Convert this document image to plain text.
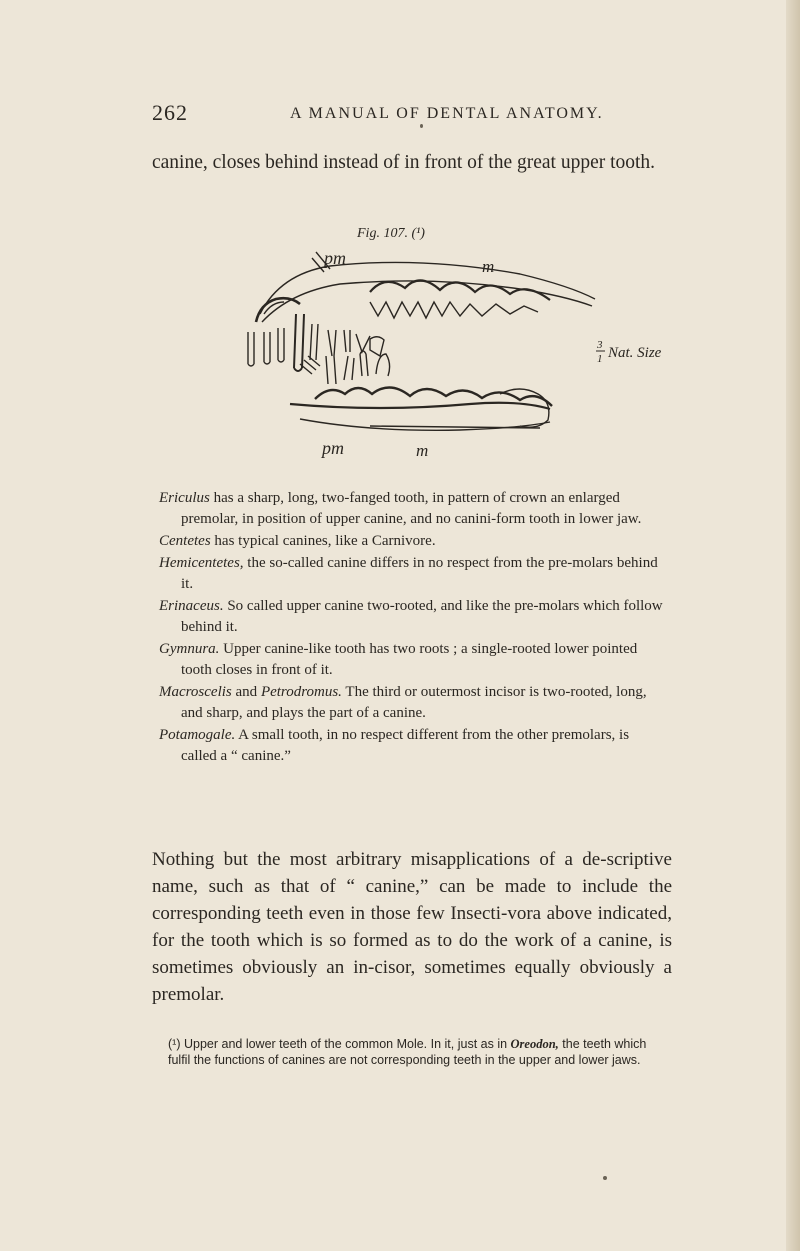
262	A MANUAL OF DENTAL ANATOMY.
canine, closes behind instead of in front of the great upper tooth.
Fig. 107. (¹)
pm	m
pm	m
3
1 Nat. Size

Ericulus has a sharp, long, two-fanged tooth, in pattern of crown an enlarged premolar, in position of upper canine, and no canini-form tooth in lower jaw.

Centetes has typical canines, like a Carnivore.

Hemicentetes, the so-called canine differs in no respect from the pre-molars behind it.

Erinaceus. So called upper canine two-rooted, and like the pre-molars which follow behind it.

Gymnura. Upper canine-like tooth has two roots ; a single-rooted lower pointed tooth closes in front of it.

Macroscelis and Petrodromus. The third or outermost incisor is two-rooted, long, and sharp, and plays the part of a canine.

Potamogale. A small tooth, in no respect different from the other premolars, is called a “ canine.”

Nothing but the most arbitrary misapplications of a de-scriptive name, such as that of “ canine,” can be made to include the corresponding teeth even in those few Insecti-vora above indicated, for the tooth which is so formed as to do the work of a canine, is sometimes obviously an in-cisor, sometimes equally obviously a premolar.
(¹) Upper and lower teeth of the common Mole. In it, just as in Oreodon, the teeth which fulfil the functions of canines are not corresponding teeth in the upper and lower jaws.
